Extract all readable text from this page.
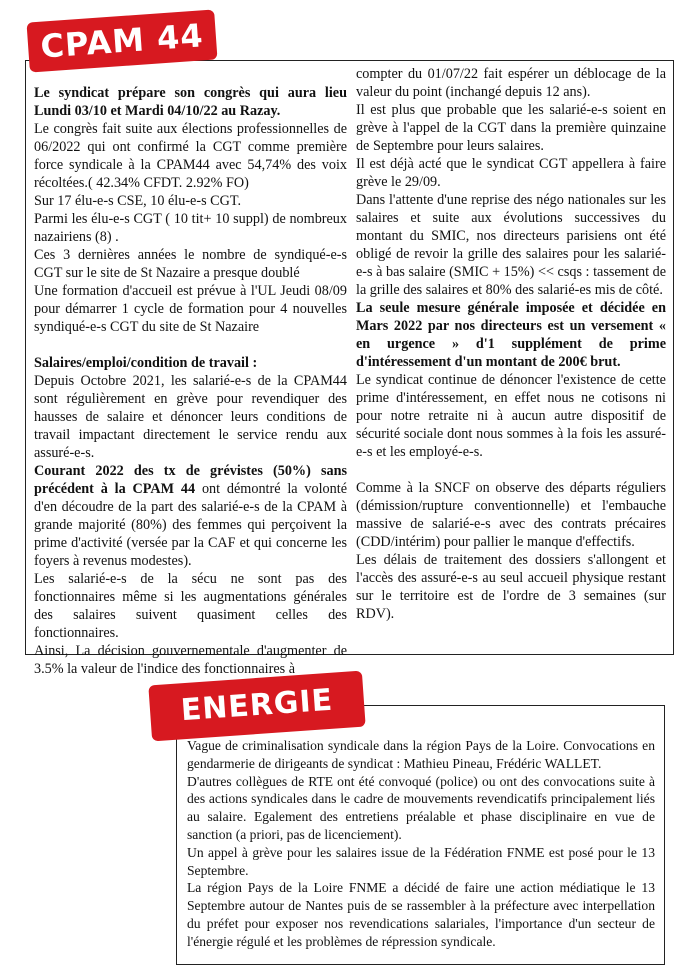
Le syndicat prépare son congrès qui aura lieu Lundi 03/10 et Mardi 04/10/22 au Razay.

Le congrès fait suite aux élections professionnelles de 06/2022 qui ont confirmé la CGT comme première force syndicale à la CPAM44 avec 54,74% des voix récoltées.( 42.34% CFDT. 2.92% FO)

Sur 17 élu-e-s CSE, 10 élu-e-s CGT.

Parmi les élu-e-s CGT ( 10 tit+ 10 suppl) de nombreux nazairiens (8) .

Ces 3 dernières années le nombre de syndiqué-e-s CGT sur le site de St Nazaire a presque doublé

Une formation d'accueil est prévue à l'UL Jeudi 08/09 pour démarrer 1 cycle de formation pour 4 nouvelles syndiqué-e-s CGT du site de St Nazaire

Salaires/emploi/condition de travail :

Depuis Octobre 2021, les salarié-e-s de la CPAM44 sont régulièrement en grève pour revendiquer des hausses de salaire et dénoncer leurs conditions de travail impactant directement le service rendu aux assuré-e-s.

Courant 2022 des tx de grévistes (50%) sans précédent à la CPAM 44 ont démontré la volonté d'en découdre de la part des salarié-e-s de la CPAM à grande majorité (80%) des femmes qui perçoivent la prime d'activité (versée par la CAF et qui concerne les foyers à revenus modestes).

Les salarié-e-s de la sécu ne sont pas des fonctionnaires même si les augmentations générales des salaires suivent quasiment celles des fonctionnaires.

Ainsi, La décision gouvernementale d'augmenter de 3.5% la valeur de l'indice des fonctionnaires à

compter du 01/07/22 fait espérer un déblocage de la valeur du point (inchangé depuis 12 ans).

Il est plus que probable que les salarié-e-s soient en grève à l'appel de la CGT dans la première quinzaine de Septembre pour leurs salaires.

Il est déjà acté que le syndicat CGT appellera à faire grève le 29/09.

Dans l'attente d'une reprise des négo nationales sur les salaires et suite aux évolutions successives du montant du SMIC, nos directeurs parisiens ont été obligé de revoir la grille des salaires pour les salarié-e-s à bas salaire (SMIC + 15%) << csqs : tassement de la grille des salaires et 80% des salarié-es mis de côté.

La seule mesure générale imposée et décidée en Mars 2022 par nos directeurs est un versement « en urgence » d'1 supplément de prime d'intéressement d'un montant de 200€ brut.

Le syndicat continue de dénoncer l'existence de cette prime d'intéressement, en effet nous ne cotisons ni pour notre retraite ni à aucun autre dispositif de sécurité sociale dont nous sommes à la fois les assuré-e-s et les employé-e-s.

Comme à la SNCF on observe des départs réguliers (démission/rupture conventionnelle) et l'embauche massive de salarié-e-s avec des contrats précaires (CDD/intérim) pour pallier le manque d'effectifs.

Les délais de traitement des dossiers s'allongent et l'accès des assuré-e-s au seul accueil physique restant sur le territoire est de l'ordre de 3 semaines (sur RDV).

CPAM 44

Vague de criminalisation syndicale dans la région Pays de la Loire. Convocations en gendarmerie de dirigeants de syndicat : Mathieu Pineau, Frédéric WALLET.

D'autres collègues de RTE ont été convoqué (police) ou ont des convocations suite à des actions syndicales dans le cadre de mouvements revendicatifs principalement liés au salaire. Egalement des entretiens préalable et phase disciplinaire en vue de sanction (a priori, pas de licenciement).

Un appel à grève pour les salaires issue de la Fédération FNME est posé pour le 13 Septembre.

La région Pays de la Loire FNME a décidé de faire une action médiatique le 13 Septembre autour de Nantes puis de se rassembler à la préfecture avec interpellation du préfet pour exposer nos revendications salariales, l'importance d'un secteur de l'énergie régulé et les problèmes de répression syndicale.

ENERGIE
